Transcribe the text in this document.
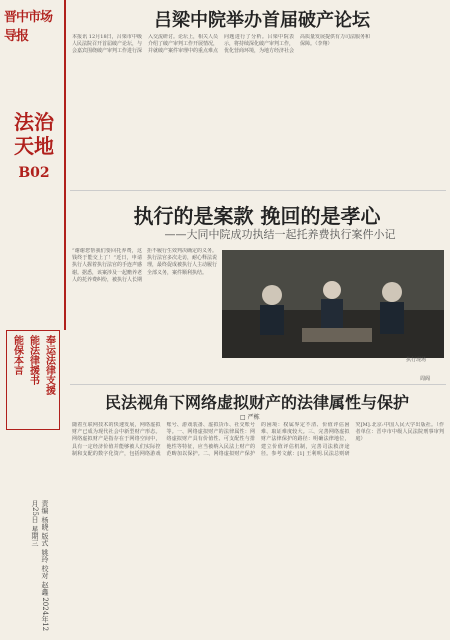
晋中市场导报
法治天地
B02
奉运法律支援
能法律援书
能保本言
责编 杨晓 版式 姚玲 校对 赵鑫 2024年12月25日 星期三
吕梁中院举办首届破产论坛
本报讯 12月18日，吕梁市中级人民法院召开首届破产论坛，与会嘉宾围绕破产审判工作进行深入交流研讨。论坛上，相关人员介绍了破产审判工作开展情况，并就破产案件审理中的重点难点问题进行了分析。吕梁中院表示，将持续深化破产审判工作，优化营商环境，为地方经济社会高质量发展提供有力司法服务和保障。（李翔）
执行的是案款 挽回的是孝心
——大同中院成功执结一起托养费执行案件小记
“谢谢您帮我们要回托养费，这钱终于能交上了！”近日，申请执行人握着执行法官的手连声感谢。据悉，该案涉及一起赡养老人的托养费纠纷，被执行人长期拒不履行生效判决确定的义务。执行法官多次走访，耐心释法说理，最终促成被执行人主动履行全部义务，案件顺利执结。
执行现场
周阁
民法视角下网络虚拟财产的法律属性与保护
□ 严栋
随着互联网技术的快速发展，网络虚拟财产已成为现代社会中新型财产形态。网络虚拟财产是指存在于网络空间中，具有一定经济价值并能够被人们实际控制和支配的数字化资产，包括网络游戏账号、游戏装备、虚拟货币、社交账号等。一、网络虚拟财产的法律属性：网络虚拟财产具有价值性、可支配性与排他性等特征，应当被纳入民法上财产的范畴加以保护。二、网络虚拟财产保护的困境：权属界定不清、价值评估困难、取证难度较大。三、完善网络虚拟财产法律保护的路径：明确法律地位，建立价值评估机制，完善司法救济途径。参考文献：[1] 王利明.民法总则研究[M].北京:中国人民大学出版社。（作者单位：晋中市中级人民法院刑事审判庭）
